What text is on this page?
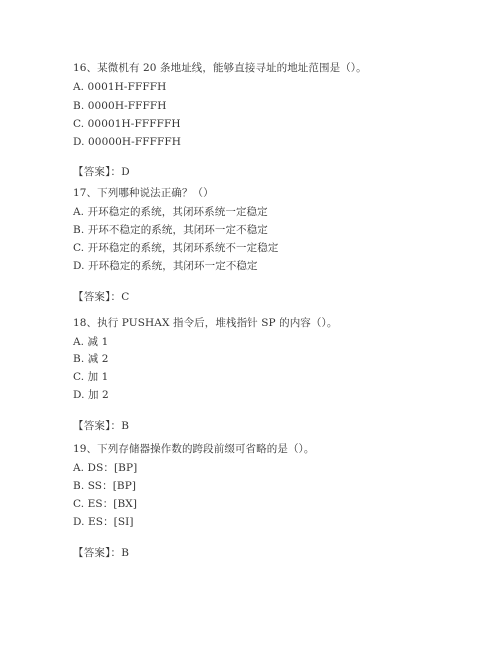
16、某微机有 20 条地址线，能够直接寻址的地址范围是（）。
A. 0001H-FFFFH
B. 0000H-FFFFH
C. 00001H-FFFFFH
D. 00000H-FFFFFH
【答案】：D
17、下列哪种说法正确？（）
A. 开环稳定的系统，其闭环系统一定稳定
B. 开环不稳定的系统，其闭环一定不稳定
C. 开环稳定的系统，其闭环系统不一定稳定
D. 开环稳定的系统，其闭环一定不稳定
【答案】：C
18、执行 PUSHAX 指令后，堆栈指针 SP 的内容（）。
A. 减 1
B. 减 2
C. 加 1
D. 加 2
【答案】：B
19、下列存储器操作数的跨段前缀可省略的是（）。
A. DS：[BP]
B. SS：[BP]
C. ES：[BX]
D. ES：[SI]
【答案】：B
